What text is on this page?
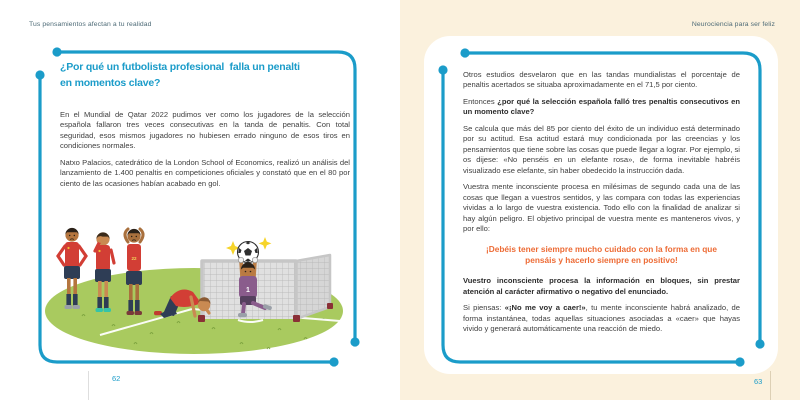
Tus pensamientos afectan a tu realidad
¿Por qué un futbolista profesional  falla un penalti
en momentos clave?

En el Mundial de Qatar 2022 pudimos ver como los jugadores de la selección española fallaron tres veces consecutivas en la tanda de penaltis. Con total seguridad, esos mismos jugadores no hubiesen errado ninguno de esos tiros en condiciones normales.

Natxo Palacios, catedrático de la London School of Economics, realizó un análisis del lanzamiento de 1.400 penaltis en competiciones oficiales y constató que en el 80 por ciento de las ocasiones habían acabado en gol.

1
22
62
Neurociencia para ser feliz

Otros estudios desvelaron que en las tandas mundialistas el porcentaje de penaltis acertados se situaba aproximadamente en el 71,5 por ciento.

Entonces ¿por qué la selección española falló tres penaltis consecutivos en un momento clave?

Se calcula que más del 85 por ciento del éxito de un individuo está determinado por su actitud. Esa actitud estará muy condicionada por las creencias y los pensamientos que tiene sobre las cosas que puede llegar a lograr. Por ejemplo, si os dijese: «No penséis en un elefante rosa», de forma inevitable habréis visualizado ese elefante, sin haber obedecido la instrucción dada.

Vuestra mente inconsciente procesa en milésimas de segundo cada una de las cosas que llegan a vuestros sentidos, y las compara con todas las experiencias vividas a lo largo de vuestra existencia. Todo ello con la finalidad de analizar si hay algún peligro. El objetivo principal de vuestra mente es manteneros vivos, y por ello:

¡Debéis tener siempre mucho cuidado con la forma en que pensáis y hacerlo siempre en positivo!

Vuestro inconsciente procesa la información en bloques, sin prestar atención al carácter afirmativo o negativo del enunciado.

Si piensas: «¡No me voy a caer!», tu mente inconsciente habrá analizado, de forma instantánea, todas aquellas situaciones asociadas a «caer» que hayas vivido y generará automáticamente una reacción de miedo.

63
